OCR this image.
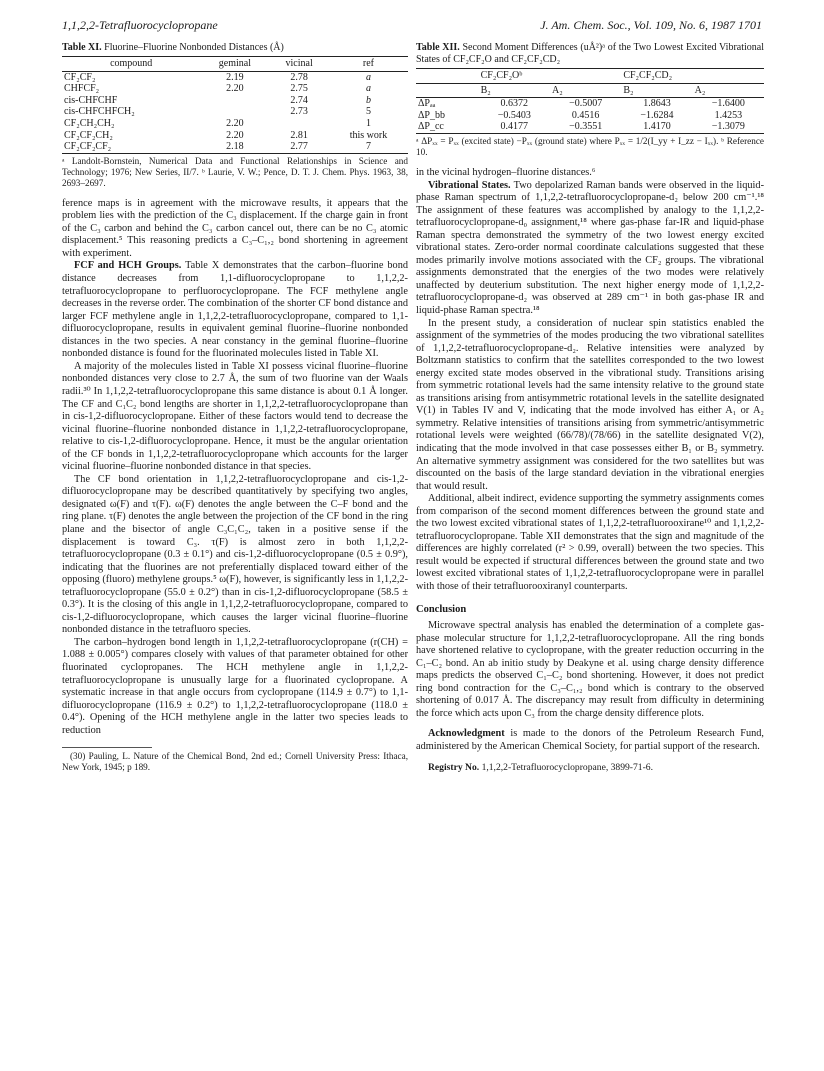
1,1,2,2-Tetrafluorocyclopropane	J. Am. Chem. Soc., Vol. 109, No. 6, 1987 1701
Table XI. Fluorine–Fluorine Nonbonded Distances (Å)
compound	geminal	vicinal	ref
CF₂CF₂	2.19	2.78	a
CHFCF₂	2.20	2.75	a
cis-CHFCHF		2.74	b
cis-CHFCHFCH₂		2.73	5
CF₂CH₂CH₂	2.20		1
CF₂CF₂CH₂	2.20	2.81	this work
CF₂CF₂CF₂	2.18	2.77	7

ᵃ Landolt-Bornstein, Numerical Data and Functional Relationships in Science and Technology; 1976; New Series, II/7. ᵇ Laurie, V. W.; Pence, D. T. J. Chem. Phys. 1963, 38, 2693–2697.

ference maps is in agreement with the microwave results, it appears that the problem lies with the prediction of the C₃ displacement. If the charge gain in front of the C₃ carbon and behind the C₃ carbon cancel out, there can be no C₃ atomic displacement.⁵ This reasoning predicts a C₃–C₁,₂ bond shortening in agreement with experiment.

FCF and HCH Groups. Table X demonstrates that the carbon–fluorine bond distance decreases from 1,1-difluorocyclopropane to 1,1,2,2-tetrafluorocyclopropane to perfluorocyclopropane. The FCF methylene angle decreases in the reverse order. The combination of the shorter CF bond distance and larger FCF methylene angle in 1,1,2,2-tetrafluorocyclopropane, compared to 1,1-difluorocyclopropane, results in equivalent geminal fluorine–fluorine nonbonded distances in the two species. A near constancy in the geminal fluorine–fluorine nonbonded distance is found for the fluorinated molecules listed in Table XI.

A majority of the molecules listed in Table XI possess vicinal fluorine–fluorine nonbonded distances very close to 2.7 Å, the sum of two fluorine van der Waals radii.³⁰ In 1,1,2,2-tetrafluorocyclopropane this same distance is about 0.1 Å longer. The CF and C₁C₂ bond lengths are shorter in 1,1,2,2-tetrafluorocyclopropane than in cis-1,2-difluorocyclopropane. Either of these factors would tend to decrease the vicinal fluorine–fluorine nonbonded distance in 1,1,2,2-tetrafluorocyclopropane, relative to cis-1,2-difluorocyclopropane. Hence, it must be the angular orientation of the CF bonds in 1,1,2,2-tetrafluorocyclopropane which accounts for the larger vicinal fluorine–fluorine nonbonded distance in that species.

The CF bond orientation in 1,1,2,2-tetrafluorocyclopropane and cis-1,2-difluorocyclopropane may be described quantitatively by specifying two angles, designated ω(F) and τ(F). ω(F) denotes the angle between the C–F bond and the ring plane. τ(F) denotes the angle between the projection of the CF bond in the ring plane and the bisector of angle C₃C₁C₂, taken in a positive sense if the displacement is toward C₃. τ(F) is almost zero in both 1,1,2,2-tetrafluorocyclopropane (0.3 ± 0.1°) and cis-1,2-difluorocyclopropane (0.5 ± 0.9°), indicating that the fluorines are not preferentially displaced toward either of the opposing (fluoro) methylene groups.⁵ ω(F), however, is significantly less in 1,1,2,2-tetrafluorocyclopropane (55.0 ± 0.2°) than in cis-1,2-difluorocyclopropane (58.5 ± 0.3°). It is the closing of this angle in 1,1,2,2-tetrafluorocyclopropane, compared to cis-1,2-difluorocyclopropane, which causes the larger vicinal fluorine–fluorine nonbonded distance in the tetrafluoro species.

The carbon–hydrogen bond length in 1,1,2,2-tetrafluorocyclopropane (r(CH) = 1.088 ± 0.005°) compares closely with values of that parameter obtained for other fluorinated cyclopropanes. The HCH methylene angle in 1,1,2,2-tetrafluorocyclopropane is unusually large for a fluorinated cyclopropane. A systematic increase in that angle occurs from cyclopropane (114.9 ± 0.7°) to 1,1-difluorocyclopropane (116.9 ± 0.2°) to 1,1,2,2-tetrafluorocyclopropane (118.0 ± 0.4°). Opening of the HCH methylene angle in the latter two species leads to reduction

(30) Pauling, L. Nature of the Chemical Bond, 2nd ed.; Cornell University Press: Ithaca, New York, 1945; p 189.

Table XII. Second Moment Differences (uÅ²)ᵃ of the Two Lowest Excited Vibrational States of CF₂CF₂O and CF₂CF₂CD₂
	CF₂CF₂Oᵇ		CF₂CF₂CD₂	
	B₂	A₂	B₂	A₂
ΔPₐₐ	0.6372	−0.5007	1.8643	−1.6400
ΔP_bb	−0.5403	0.4516	−1.6284	1.4253
ΔP_cc	0.4177	−0.3551	1.4170	−1.3079

ᵃ ΔPₓₓ = Pₓₓ (excited state) −Pₓₓ (ground state) where Pₓₓ = 1/2(I_yy + I_zz − Iₓₓ). ᵇ Reference 10.

in the vicinal hydrogen–fluorine distances.⁶

Vibrational States. Two depolarized Raman bands were observed in the liquid-phase Raman spectrum of 1,1,2,2-tetrafluorocyclopropane-d₂ below 200 cm⁻¹.¹⁸ The assignment of these features was accomplished by analogy to the 1,1,2,2-tetrafluorocyclopropane-d₀ assignment,¹⁸ where gas-phase far-IR and liquid-phase Raman spectra demonstrated the symmetry of the two lowest energy excited vibrational states. Zero-order normal coordinate calculations suggested that these modes primarily involve motions associated with the CF₂ groups. The vibrational assignments demonstrated that the energies of the two modes were relatively unaffected by deuterium substitution. The next higher energy mode of 1,1,2,2-tetrafluorocyclopropane-d₂ was observed at 289 cm⁻¹ in both gas-phase IR and liquid-phase Raman spectra.¹⁸

In the present study, a consideration of nuclear spin statistics enabled the assignment of the symmetries of the modes producing the two vibrational satellites of 1,1,2,2-tetrafluorocyclopropane-d₂. Relative intensities were analyzed by Boltzmann statistics to confirm that the satellites corresponded to the two lowest energy excited state modes observed in the vibrational study. Transitions arising from symmetric rotational levels had the same intensity relative to the ground state as transitions arising from antisymmetric rotational levels in the satellite designated V(1) in Tables IV and V, indicating that the mode involved has either A₁ or A₂ symmetry. Relative intensities of transitions arising from symmetric/antisymmetric rotational levels were weighted (66/78)/(78/66) in the satellite designated V(2), indicating that the mode involved in that case possesses either B₁ or B₂ symmetry. An alternative symmetry assignment was considered for the two satellites but was discounted on the basis of the large standard deviation in the vibrational energies that would result.

Additional, albeit indirect, evidence supporting the symmetry assignments comes from comparison of the second moment differences between the ground state and the two lowest excited vibrational states of 1,1,2,2-tetrafluorooxirane¹⁰ and 1,1,2,2-tetrafluorocyclopropane. Table XII demonstrates that the sign and magnitude of the differences are highly correlated (r² > 0.99, overall) between the two species. This result would be expected if structural differences between the ground state and two lowest excited vibrational states of 1,1,2,2-tetrafluorocyclopropane were in parallel with those of their tetrafluorooxiranyl counterparts.

Conclusion

Microwave spectral analysis has enabled the determination of a complete gas-phase molecular structure for 1,1,2,2-tetrafluorocyclopropane. All the ring bonds have shortened relative to cyclopropane, with the greater reduction occurring in the C₁–C₂ bond. An ab initio study by Deakyne et al. using charge density difference maps predicts the observed C₁–C₂ bond shortening. However, it does not predict ring bond contraction for the C₃–C₁,₂ bond which is contrary to the observed shortening of 0.017 Å. The discrepancy may result from difficulty in determining the force which acts upon C₃ from the charge density difference plots.

Acknowledgment is made to the donors of the Petroleum Research Fund, administered by the American Chemical Society, for partial support of the research.

Registry No. 1,1,2,2-Tetrafluorocyclopropane, 3899-71-6.
